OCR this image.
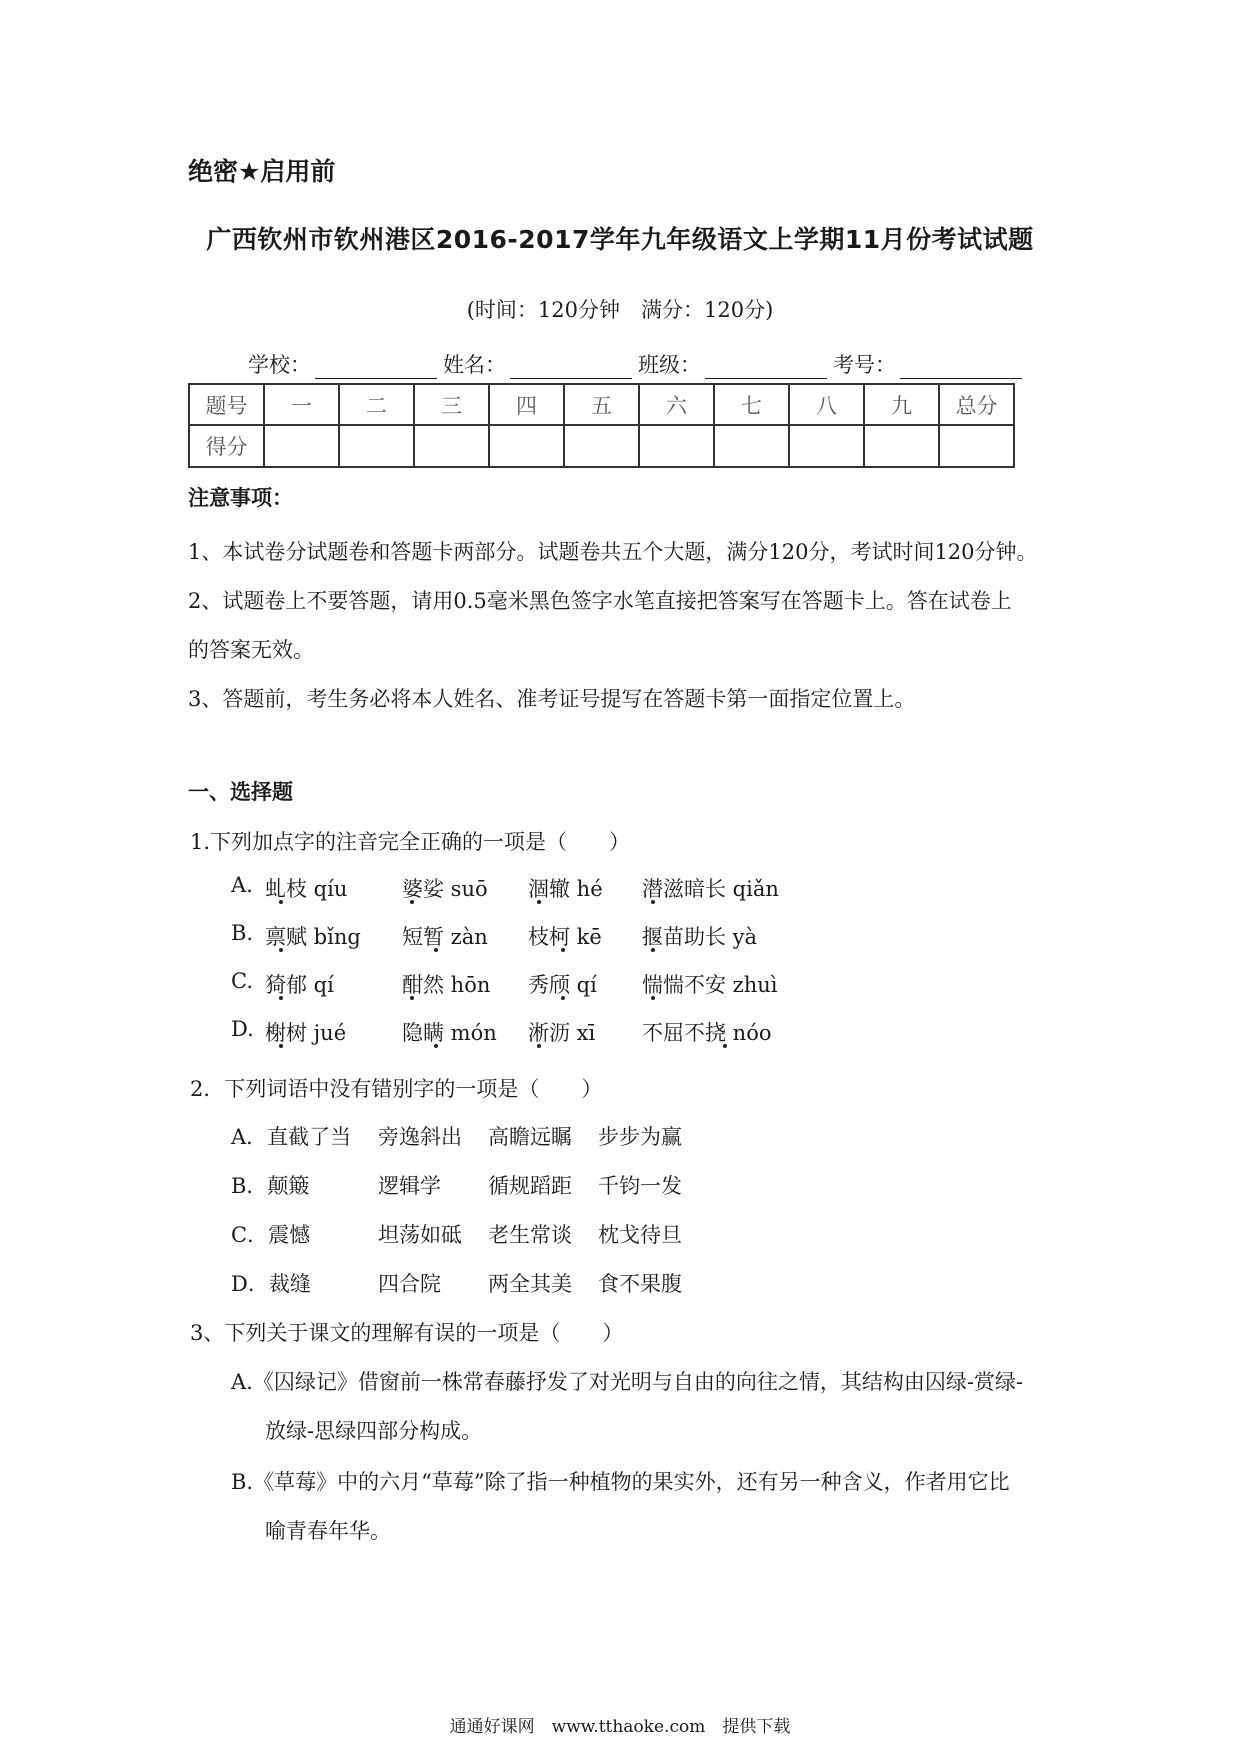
绝密★启用前
广西钦州市钦州港区2016-2017学年九年级语文上学期11月份考试试题
(时间：120分钟　满分：120分)
学校：	姓名：	班级：	考号：
题号	一	二	三	四	五	六	七	八	九	总分
得分										
注意事项：
1、本试卷分试题卷和答题卡两部分。试题卷共五个大题，满分120分，考试时间120分钟。
2、试题卷上不要答题，请用0.5毫米黑色签字水笔直接把答案写在答题卡上。答在试卷上
的答案无效。
3、答题前，考生务必将本人姓名、准考证号提写在答题卡第一面指定位置上。
一、选择题
1.下列加点字的注音完全正确的一项是（　　）
A. 虬枝 qíu	婆娑 suō	涸辙 hé	潜滋暗长 qiǎn
B. 禀赋 bǐng	短暂 zàn	枝柯 kē	揠苗助长 yà
C. 猗郁 qí	酣然 hōn	秀颀 qí	惴惴不安 zhuì
D. 榭树 jué	隐瞒 món	淅沥 xī	不屈不挠 nóo
2．下列词语中没有错别字的一项是（　　）
A．直截了当	旁逸斜出	高瞻远瞩	步步为赢
B．颠簸	逻辑学	循规蹈距	千钧一发
C．震憾	坦荡如砥	老生常谈	枕戈待旦
D．裁缝	四合院	两全其美	食不果腹
3、下列关于课文的理解有误的一项是（　　）
A.《囚绿记》借窗前一株常春藤抒发了对光明与自由的向往之情，其结构由囚绿-赏绿-
放绿-思绿四部分构成。
B.《草莓》中的六月“草莓”除了指一种植物的果实外，还有另一种含义，作者用它比
喻青春年华。
通通好课网　www.tthaoke.com　提供下载
